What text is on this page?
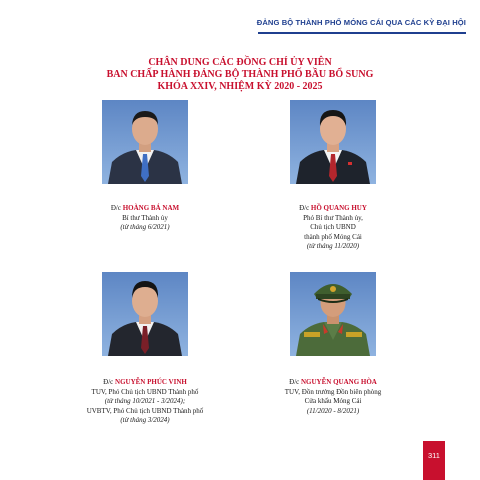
ĐẢNG BỘ THÀNH PHỐ MÓNG CÁI QUA CÁC KỲ ĐẠI HỘI
CHÂN DUNG CÁC ĐỒNG CHÍ ỦY VIÊN
BAN CHẤP HÀNH ĐẢNG BỘ THÀNH PHỐ BẦU BỔ SUNG
KHÓA XXIV, NHIỆM KỲ 2020 - 2025
Đ/c HOÀNG BÁ NAM
Bí thư Thành ủy
(từ tháng 6/2021)
Đ/c HỒ QUANG HUY
Phó Bí thư Thành ủy,
Chủ tịch UBND
thành phố Móng Cái
(từ tháng 11/2020)
Đ/c NGUYỄN PHÚC VINH
TUV, Phó Chủ tịch UBND Thành phố
(từ tháng 10/2021 - 3/2024);
UVBTV, Phó Chủ tịch UBND Thành phố
(từ tháng 3/2024)
Đ/c NGUYỄN QUANG HÒA
TUV, Đồn trưởng Đồn biên phòng
Cửa khẩu Móng Cái
(11/2020 - 8/2021)
311
